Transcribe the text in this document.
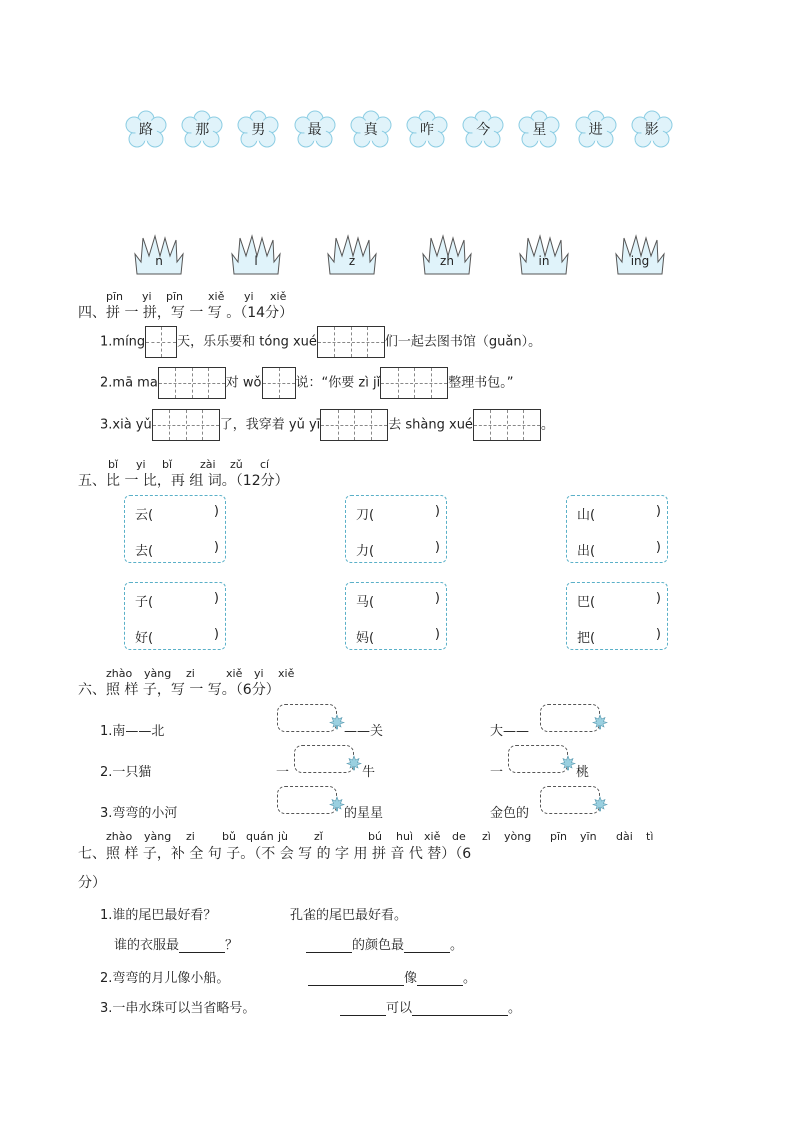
路	那	男	最	真	咋	今	星	进	影
n	l	z	zh	in	ing
pīn yi pīn xiě yi xiě
四、拼 一 拼，写 一 写 。（14分）
1.míng 天，乐乐要和 tóng xué	们一起去图书馆（guǎn）。
2.mā ma	对 wǒ	说：“你要 zì jǐ	整理书包。”
3.xià yǔ	了，我穿着 yǔ yī	去 shàng xué	。
bǐ yi bǐ	zài zǔ cí
五、比 一 比，再 组 词。（12分）
云(	)
去(	)
刀(	)
力(	)
山(	)
出(	)
子(	)
好(	)
马(	)
妈(	)
巴(	)
把(	)
zhào yàng zi	xiě yi xiě
六、照 样 子，写 一 写。（6分）
1.南——北	——关	大——
2.一只猫	一	牛	一	桃
3.弯弯的小河	的星星	金色的
zhào yàng zi bǔ quán jù zǐ	bú huì xiě de zì yòng pīn yīn dài tì
七、照 样 子，补 全 句 子。（不 会 写 的 字 用 拼 音 代 替）（6
分）
1.谁的尾巴最好看？	孔雀的尾巴最好看。
谁的衣服最	？	的颜色最	。
2.弯弯的月儿像小船。	像	。
3.一串水珠可以当省略号。	可以	。
